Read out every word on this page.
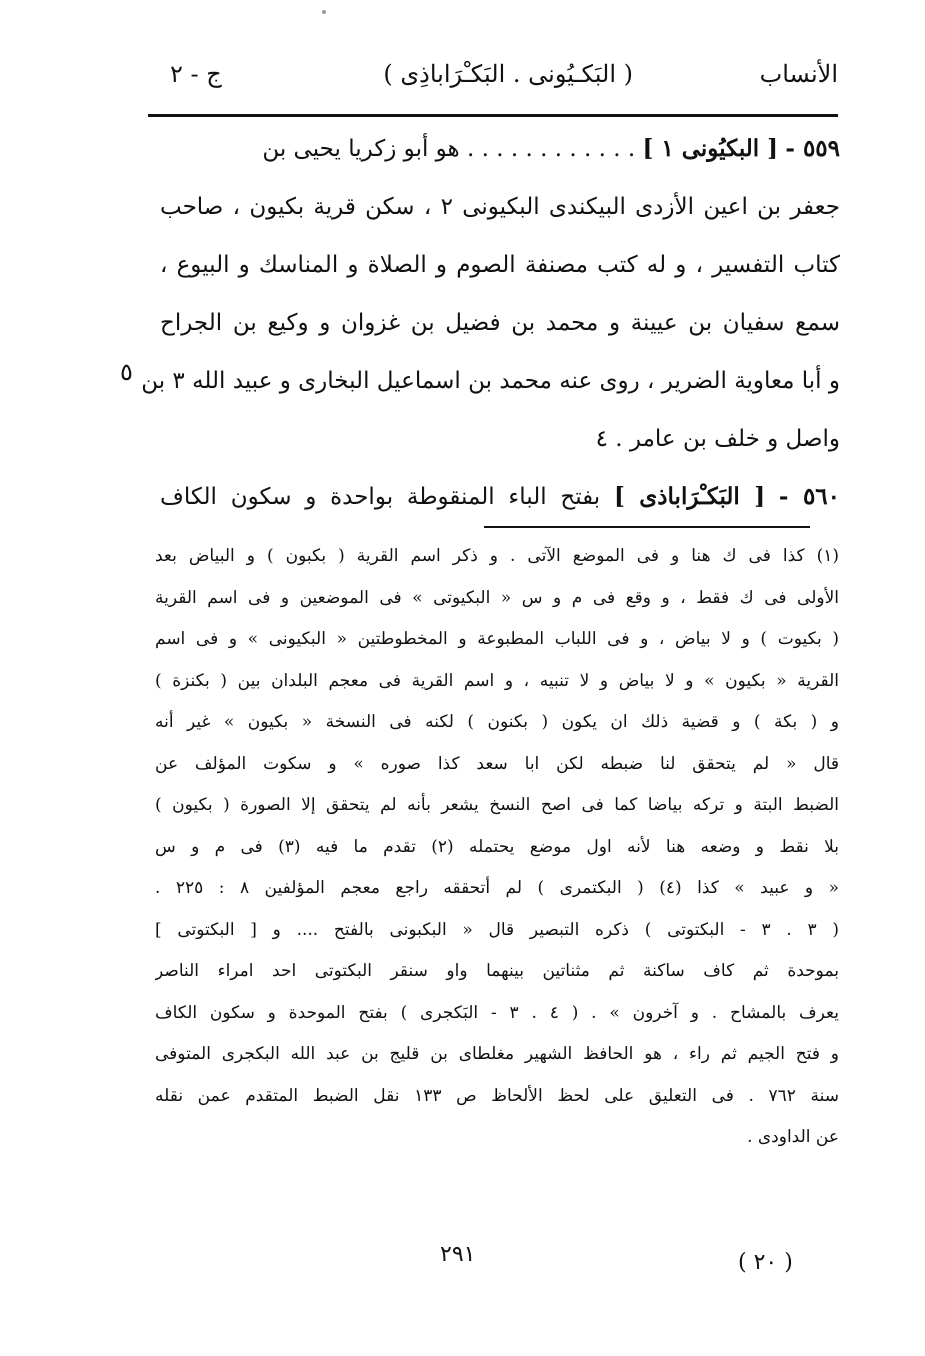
الأنساب
( البَكـيُونى . البَكـْرَاباذِى )
ج - ٢
٥٥٩ - [ البكيُونى ١ ] . . . . . . . . . . . . هو أبو زكريا يحيى بن
جعفر بن اعين الأزدى البيكندى البكيونى ٢ ، سكن قرية بكيون ، صاحب
كتاب التفسير ، و له كتب مصنفة الصوم و الصلاة و المناسك و البيوع ،
سمع سفيان بن عيينة و محمد بن فضيل بن غزوان و وكيع بن الجراح
و أبا معاوية الضرير ، روى عنه محمد بن اسماعيل البخارى و عبيد الله ٣ بن
واصل و خلف بن عامر . ٤
٥٦٠ - [ البَكـْرَاباذى ] بفتح الباء المنقوطة بواحدة و سكون الكاف
٥
(١) كذا فى ك هنا و فى الموضع الآتى . و ذكر اسم القرية ( بكبون ) و البياض بعد
الأولى فى ك فقط ، و وقع فى م و س « البكيوتى » فى الموضعين و فى اسم القرية
( بكيوت ) و لا بياض ، و فى اللباب المطبوعة و المخطوطتين « البكيونى » و فى اسم
القرية « بكيون » و لا بياض و لا تنبيه ، و اسم القرية فى معجم البلدان بين ( بكنزة )
و ( بكة ) و قضية ذلك ان يكون ( بكنون ) لكنه فى النسخة « بكيون » غير أنه
قال « لم يتحقق لنا ضبطه لكن ابا سعد كذا صوره » و سكوت المؤلف عن
الضبط البتة و تركه بياضا كما فى اصح النسخ يشعر بأنه لم يتحقق إلا الصورة ( بكيون )
بلا نقط و وضعه هنا لأنه اول موضع يحتمله (٢) تقدم ما فيه (٣) فى م و س
« و عبيد » كذا (٤) ( البكتمرى ) لم أتحققه راجع معجم المؤلفين ٨ : ٢٢٥ .
( ٣ . ٣ - البكتوتى ) ذكره التبصير قال « البكبونى بالفتح .... و [ البكتوتى ]
بموحدة ثم كاف ساكنة ثم مثناتين بينهما واو سنقر البكتوتى احد امراء الناصر
يعرف بالمشاح . و آخرون » . ( ٤ . ٣ - البَكجرى ) بفتح الموحدة و سكون الكاف
و فتح الجيم ثم راء ، هو الحافظ الشهير مغلطاى بن قليج بن عبد الله البكجرى المتوفى
سنة ٧٦٢ . فى التعليق على لحظ الألحاظ ص ١٣٣ نقل الضبط المتقدم عمن نقله
عن الداودى .
٢٩١	( ٢٠ )
